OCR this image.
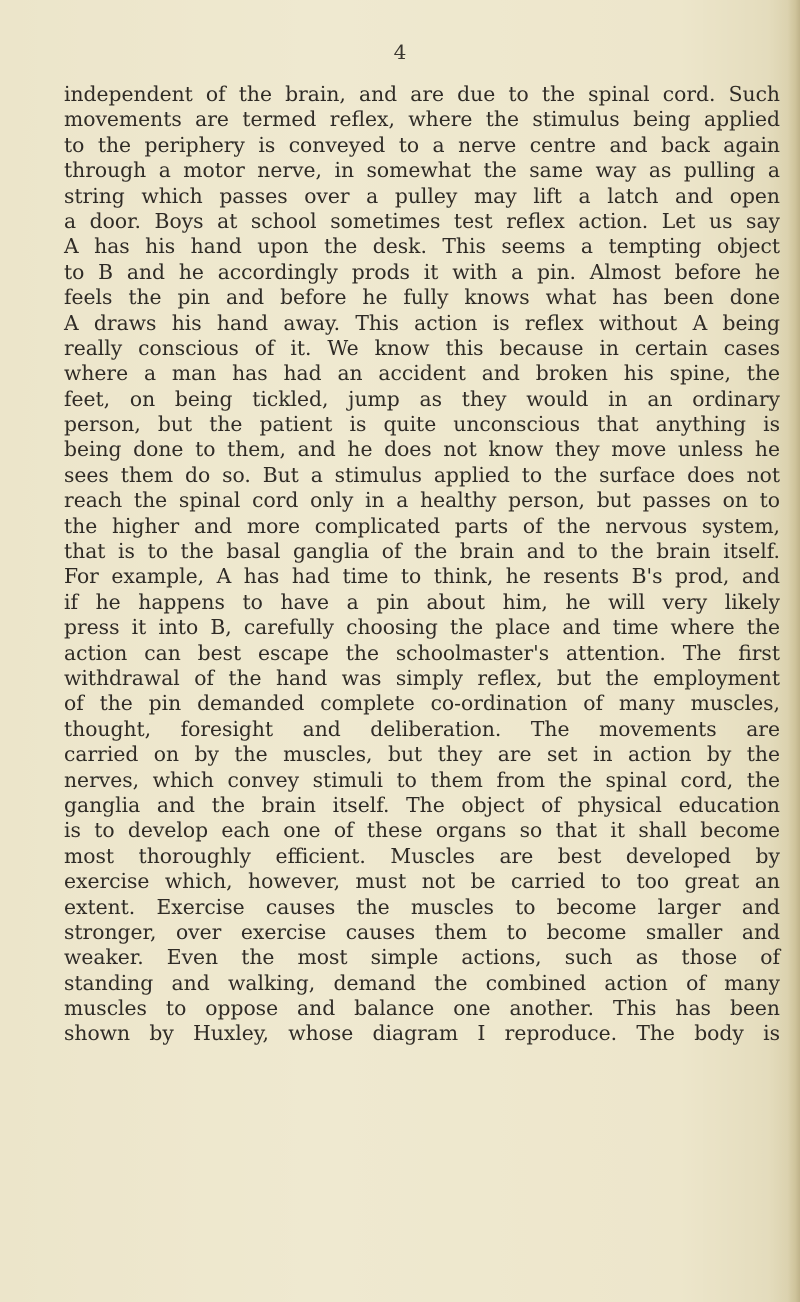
4
independent of the brain, and are due to the spinal cord. Such
movements are termed reflex, where the stimulus being applied
to the periphery is conveyed to a nerve centre and back again
through a motor nerve, in somewhat the same way as pulling a
string which passes over a pulley may lift a latch and open
a door. Boys at school sometimes test reflex action. Let us say
A has his hand upon the desk. This seems a tempting object
to B and he accordingly prods it with a pin. Almost before he
feels the pin and before he fully knows what has been done
A draws his hand away. This action is reflex without A being
really conscious of it. We know this because in certain cases
where a man has had an accident and broken his spine, the
feet, on being tickled, jump as they would in an ordinary
person, but the patient is quite unconscious that anything is
being done to them, and he does not know they move unless he
sees them do so. But a stimulus applied to the surface does not
reach the spinal cord only in a healthy person, but passes on to
the higher and more complicated parts of the nervous system,
that is to the basal ganglia of the brain and to the brain itself.
For example, A has had time to think, he resents B's prod, and
if he happens to have a pin about him, he will very likely
press it into B, carefully choosing the place and time where the
action can best escape the schoolmaster's attention. The first
withdrawal of the hand was simply reflex, but the employment
of the pin demanded complete co-ordination of many muscles,
thought, foresight and deliberation. The movements are
carried on by the muscles, but they are set in action by the
nerves, which convey stimuli to them from the spinal cord, the
ganglia and the brain itself. The object of physical education
is to develop each one of these organs so that it shall become
most thoroughly efficient. Muscles are best developed by
exercise which, however, must not be carried to too great an
extent. Exercise causes the muscles to become larger and
stronger, over exercise causes them to become smaller and
weaker. Even the most simple actions, such as those of
standing and walking, demand the combined action of many
muscles to oppose and balance one another. This has been
shown by Huxley, whose diagram I reproduce. The body is
